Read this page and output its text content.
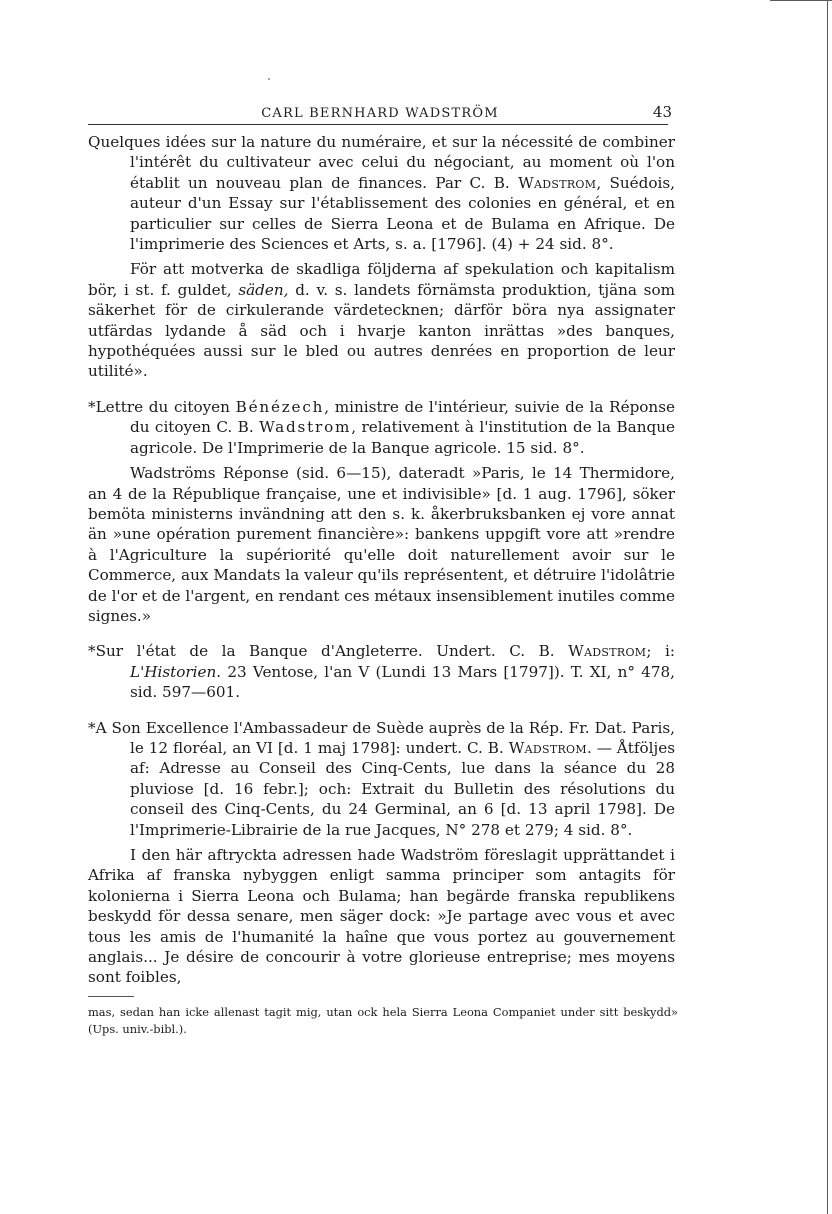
CARL BERNHARD WADSTRÖM	43

Quelques idées sur la nature du numéraire, et sur la nécessité de combiner l'intérêt du cultivateur avec celui du négociant, au moment où l'on établit un nouveau plan de finances. Par C. B. Wadstrom, Suédois, auteur d'un Essay sur l'établissement des colonies en général, et en particulier sur celles de Sierra Leona et de Bulama en Afrique. De l'imprimerie des Sciences et Arts, s. a. [1796]. (4) + 24 sid. 8°.

För att motverka de skadliga följderna af spekulation och kapitalism bör, i st. f. guldet, säden, d. v. s. landets förnämsta produktion, tjäna som säkerhet för de cirkulerande värdetecknen; därför böra nya assignater utfärdas lydande å säd och i hvarje kanton inrättas »des banques, hypothéquées aussi sur le bled ou autres denrées en proportion de leur utilité».

*Lettre du citoyen Bénézech, ministre de l'intérieur, suivie de la Réponse du citoyen C. B. Wadstrom, relativement à l'institution de la Banque agricole. De l'Imprimerie de la Banque agricole. 15 sid. 8°.

Wadströms Réponse (sid. 6—15), dateradt »Paris, le 14 Thermidore, an 4 de la République française, une et indivisible» [d. 1 aug. 1796], söker bemöta ministerns invändning att den s. k. åkerbruksbanken ej vore annat än »une opération purement financière»: bankens uppgift vore att »rendre à l'Agriculture la supériorité qu'elle doit naturellement avoir sur le Commerce, aux Mandats la valeur qu'ils représentent, et détruire l'idolâtrie de l'or et de l'argent, en rendant ces métaux insensiblement inutiles comme signes.»

*Sur l'état de la Banque d'Angleterre. Undert. C. B. Wadstrom; i: L'Historien. 23 Ventose, l'an V (Lundi 13 Mars [1797]). T. XI, n° 478, sid. 597—601.

*A Son Excellence l'Ambassadeur de Suède auprès de la Rép. Fr. Dat. Paris, le 12 floréal, an VI [d. 1 maj 1798]: undert. C. B. Wadstrom. — Åtföljes af: Adresse au Conseil des Cinq-Cents, lue dans la séance du 28 pluviose [d. 16 febr.]; och: Extrait du Bulletin des résolutions du conseil des Cinq-Cents, du 24 Germinal, an 6 [d. 13 april 1798]. De l'Imprimerie-Librairie de la rue Jacques, N° 278 et 279; 4 sid. 8°.

I den här aftryckta adressen hade Wadström föreslagit upprättandet i Afrika af franska nybyggen enligt samma principer som antagits för kolonierna i Sierra Leona och Bulama; han begärde franska republikens beskydd för dessa senare, men säger dock: »Je partage avec vous et avec tous les amis de l'humanité la haîne que vous portez au gouvernement anglais... Je désire de concourir à votre glorieuse entreprise; mes moyens sont foibles,

mas, sedan han icke allenast tagit mig, utan ock hela Sierra Leona Companiet under sitt beskydd» (Ups. univ.-bibl.).
